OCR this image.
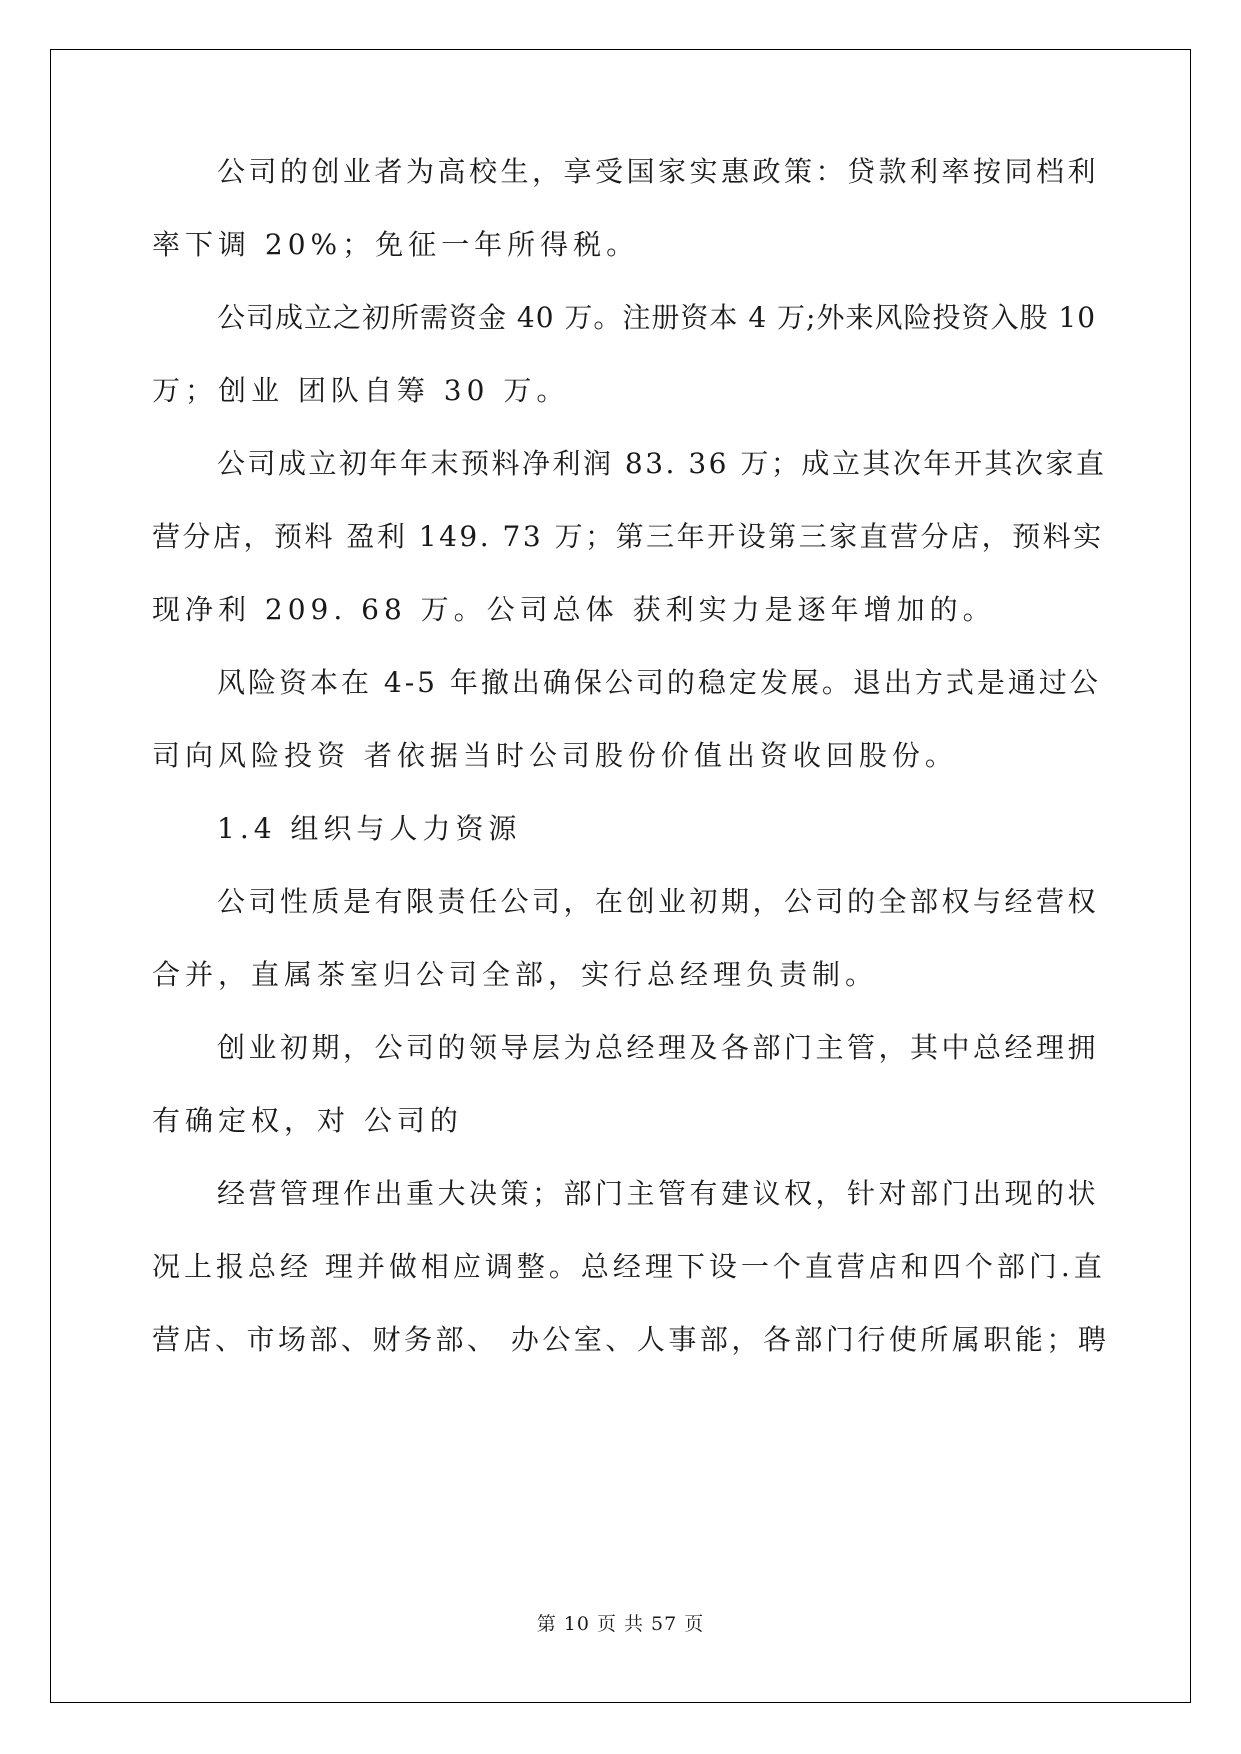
公司的创业者为高校生，享受国家实惠政策：贷款利率按同档利
率下调 20%；免征一年所得税。
公司成立之初所需资金 40 万。注册资本 4 万;外来风险投资入股 10
万；创业 团队自筹 30 万。
公司成立初年年末预料净利润 83. 36 万；成立其次年开其次家直
营分店，预料 盈利 149. 73 万；第三年开设第三家直营分店，预料实
现净利 209. 68 万。公司总体 获利实力是逐年增加的。
风险资本在 4-5 年撤出确保公司的稳定发展。退出方式是通过公
司向风险投资 者依据当时公司股份价值出资收回股份。
1.4 组织与人力资源
公司性质是有限责任公司，在创业初期，公司的全部权与经营权
合并，直属茶室归公司全部，实行总经理负责制。
创业初期，公司的领导层为总经理及各部门主管，其中总经理拥
有确定权，对 公司的
经营管理作出重大决策；部门主管有建议权，针对部门出现的状
况上报总经 理并做相应调整。总经理下设一个直营店和四个部门.直
营店、市场部、财务部、 办公室、人事部，各部门行使所属职能；聘
第 10 页 共 57 页
